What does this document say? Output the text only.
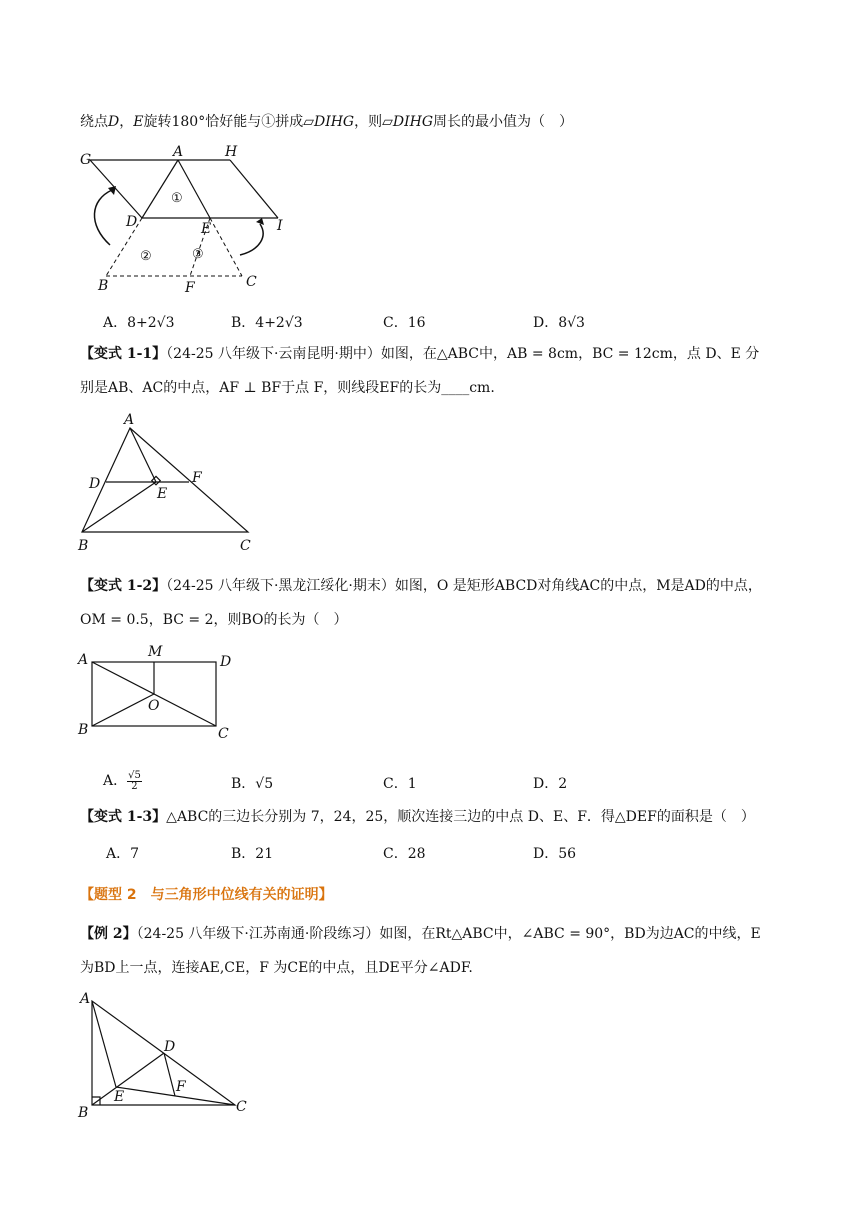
绕点D，E旋转180°恰好能与①拼成▱DIHG，则▱DIHG周长的最小值为（　）
G	A	H
D	E	I
B	F	C
①
②	③
A．8+2√3	B．4+2√3	C．16	D．8√3
【变式 1-1】（24-25 八年级下·云南昆明·期中）如图，在△ABC中，AB = 8cm，BC = 12cm，点 D、E 分
别是AB、AC的中点，AF ⊥ BF于点 F，则线段EF的长为____cm.
A
D
E
F
B	C
【变式 1-2】（24-25 八年级下·黑龙江绥化·期末）如图，O 是矩形ABCD对角线AC的中点，M是AD的中点，
OM = 0.5，BC = 2，则BO的长为（　）
A	M
D
O
B	C
A． $\frac{√5}{2}$	B．√5	C．1	D．2
【变式 1-3】△ABC的三边长分别为 7，24，25，顺次连接三边的中点 D、E、F．得△DEF的面积是（　）
A．7	B．21	C．28	D．56
【题型 2　与三角形中位线有关的证明】
【例 2】（24-25 八年级下·江苏南通·阶段练习）如图，在Rt△ABC中，∠ABC = 90°，BD为边AC的中线，E
为BD上一点，连接AE,CE，F 为CE的中点，且DE平分∠ADF.
A
D
F
E
B	C
